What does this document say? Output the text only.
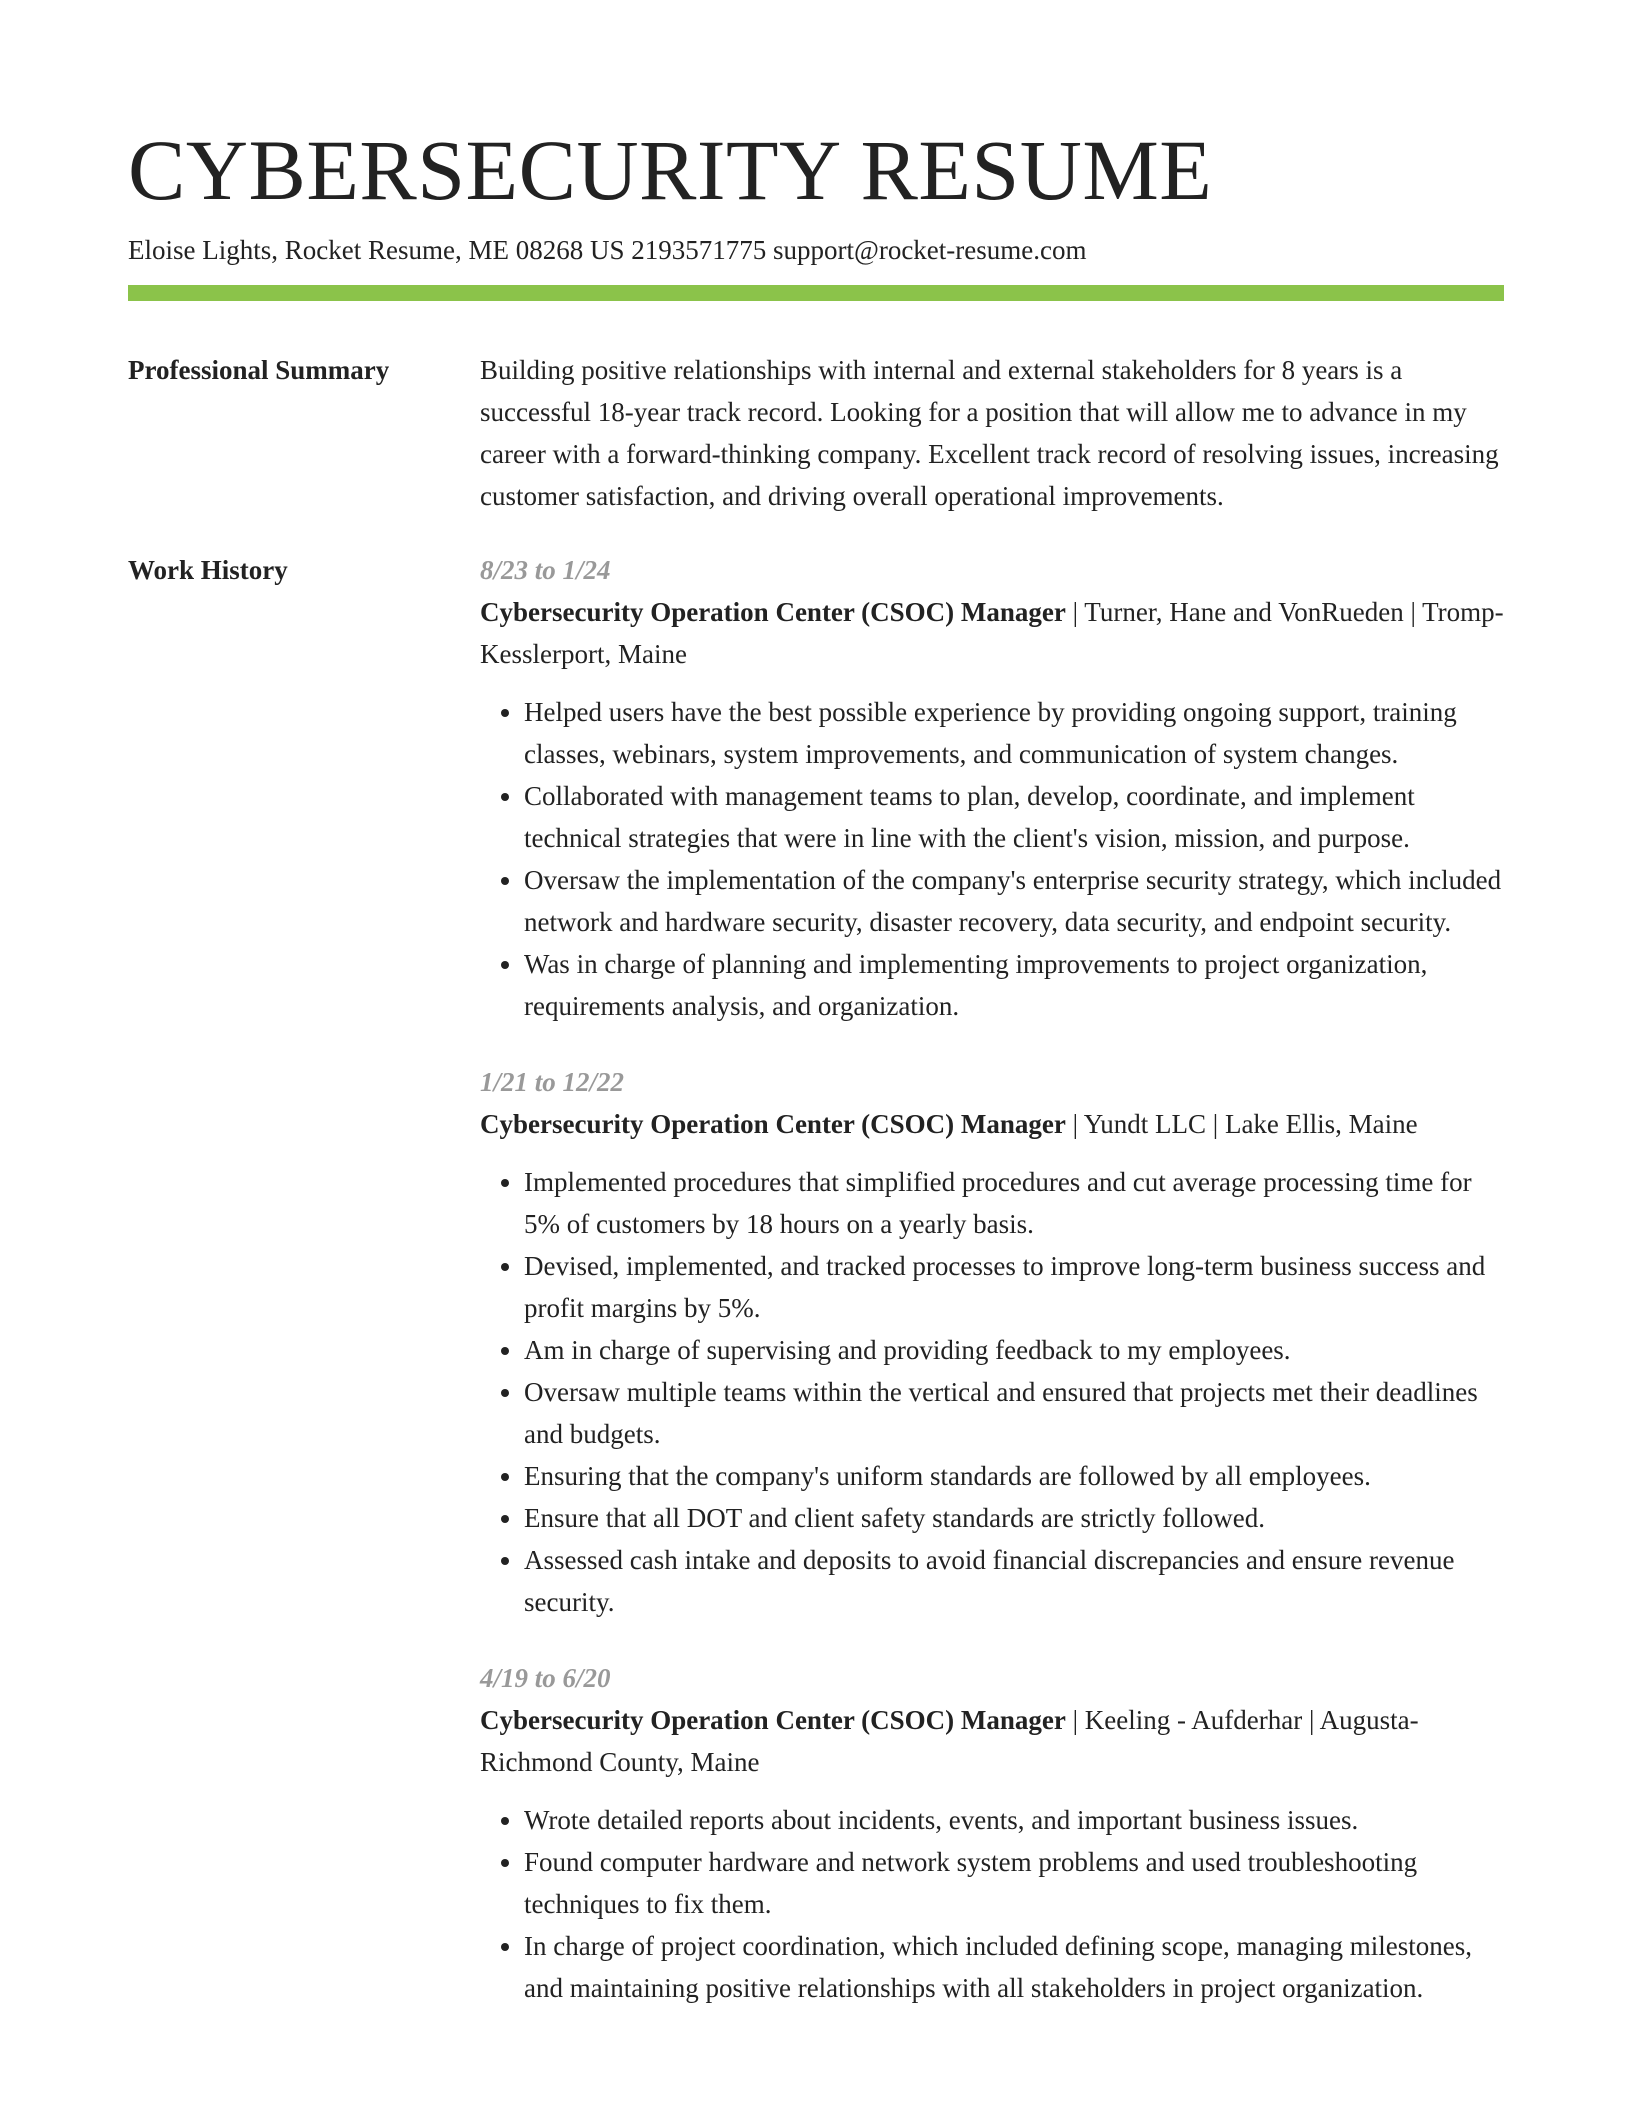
CYBERSECURITY RESUME
Eloise Lights, Rocket Resume, ME 08268 US 2193571775 support@rocket-resume.com
Professional Summary	Building positive relationships with internal and external stakeholders for 8 years is a successful 18-year track record. Looking for a position that will allow me to advance in my career with a forward-thinking company. Excellent track record of resolving issues, increasing customer satisfaction, and driving overall operational improvements.

Work History	8/23 to 1/24
Cybersecurity Operation Center (CSOC) Manager | Turner, Hane and VonRueden | Tromp-Kesslerport, Maine
• Helped users have the best possible experience by providing ongoing support, training classes, webinars, system improvements, and communication of system changes.
• Collaborated with management teams to plan, develop, coordinate, and implement technical strategies that were in line with the client's vision, mission, and purpose.
• Oversaw the implementation of the company's enterprise security strategy, which included network and hardware security, disaster recovery, data security, and endpoint security.
• Was in charge of planning and implementing improvements to project organization, requirements analysis, and organization.
1/21 to 12/22
Cybersecurity Operation Center (CSOC) Manager | Yundt LLC | Lake Ellis, Maine
• Implemented procedures that simplified procedures and cut average processing time for 5% of customers by 18 hours on a yearly basis.
• Devised, implemented, and tracked processes to improve long-term business success and profit margins by 5%.
• Am in charge of supervising and providing feedback to my employees.
• Oversaw multiple teams within the vertical and ensured that projects met their deadlines and budgets.
• Ensuring that the company's uniform standards are followed by all employees.
• Ensure that all DOT and client safety standards are strictly followed.
• Assessed cash intake and deposits to avoid financial discrepancies and ensure revenue security.
4/19 to 6/20
Cybersecurity Operation Center (CSOC) Manager | Keeling - Aufderhar | Augusta-Richmond County, Maine
• Wrote detailed reports about incidents, events, and important business issues.
• Found computer hardware and network system problems and used troubleshooting techniques to fix them.
• In charge of project coordination, which included defining scope, managing milestones, and maintaining positive relationships with all stakeholders in project organization.
